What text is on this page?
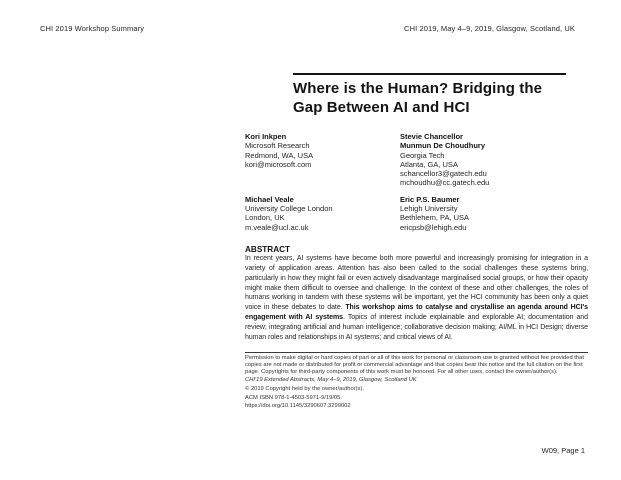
CHI 2019 Workshop Summary	CHI 2019, May 4–9, 2019, Glasgow, Scotland, UK
Where is the Human? Bridging the Gap Between AI and HCI
Kori Inkpen
Microsoft Research
Redmond, WA, USA
kori@microsoft.com
Stevie Chancellor
Munmun De Choudhury
Georgia Tech
Atlanta, GA, USA
schancellor3@gatech.edu
mchoudhu@cc.gatech.edu
Michael Veale
University College London
London, UK
m.veale@ucl.ac.uk
Eric P.S. Baumer
Lehigh University
Bethlehem, PA, USA
ericpsb@lehigh.edu
ABSTRACT

In recent years, AI systems have become both more powerful and increasingly promising for integration in a variety of application areas. Attention has also been called to the social challenges these systems bring, particularly in how they might fail or even actively disadvantage marginalised social groups, or how their opacity might make them difficult to oversee and challenge. In the context of these and other challenges, the roles of humans working in tandem with these systems will be important, yet the HCI community has been only a quiet voice in these debates to date. This workshop aims to catalyse and crystallise an agenda around HCI's engagement with AI systems. Topics of interest include explainable and explorable AI; documentation and review; integrating artificial and human intelligence; collaborative decision making; AI/ML in HCI Design; diverse human roles and relationships in AI systems; and critical views of AI.

Permission to make digital or hard copies of part or all of this work for personal or classroom use is granted without fee provided that copies are not made or distributed for profit or commercial advantage and that copies bear this notice and the full citation on the first page. Copyrights for third-party components of this work must be honored. For all other uses, contact the owner/author(s).

CHI'19 Extended Abstracts, May 4–9, 2019, Glasgow, Scotland UK

© 2019 Copyright held by the owner/author(s).

ACM ISBN 978-1-4503-5971-9/19/05.

https://doi.org/10.1145/3290607.3299002

W09, Page 1
